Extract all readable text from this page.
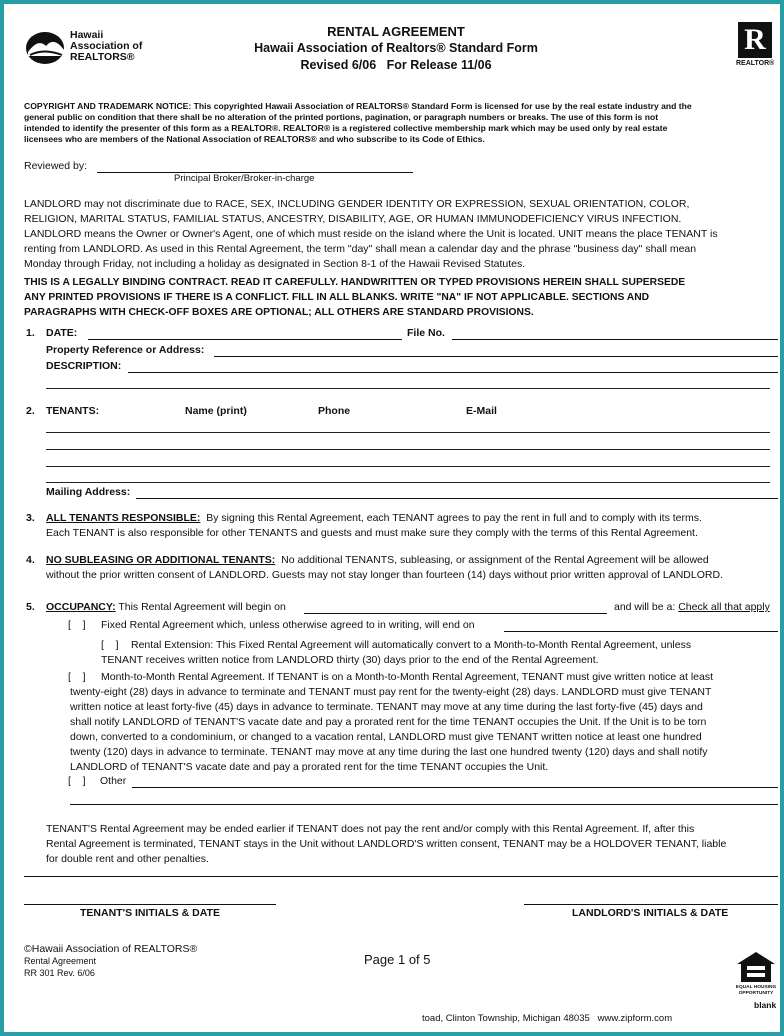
Hawaii
Association of
REALTORS®
RENTAL AGREEMENT
Hawaii Association of Realtors® Standard Form
Revised 6/06   For Release 11/06
R
REALTOR®
COPYRIGHT AND TRADEMARK NOTICE: This copyrighted Hawaii Association of REALTORS® Standard Form is licensed for use by the real estate industry and the
general public on condition that there shall be no alteration of the printed portions, pagination, or paragraph numbers or breaks. The use of this form is not
intended to identify the presenter of this form as a REALTOR®. REALTOR® is a registered collective membership mark which may be used only by real estate
licensees who are members of the National Association of REALTORS® and who subscribe to its Code of Ethics.
Reviewed by:
Principal Broker/Broker-in-charge
LANDLORD may not discriminate due to RACE, SEX, INCLUDING GENDER IDENTITY OR EXPRESSION, SEXUAL ORIENTATION, COLOR,
RELIGION, MARITAL STATUS, FAMILIAL STATUS, ANCESTRY, DISABILITY, AGE, OR HUMAN IMMUNODEFICIENCY VIRUS INFECTION.
LANDLORD means the Owner or Owner's Agent, one of which must reside on the island where the Unit is located. UNIT means the place TENANT is
renting from LANDLORD. As used in this Rental Agreement, the term "day" shall mean a calendar day and the phrase "business day" shall mean
Monday through Friday, not including a holiday as designated in Section 8-1 of the Hawaii Revised Statutes.
THIS IS A LEGALLY BINDING CONTRACT. READ IT CAREFULLY. HANDWRITTEN OR TYPED PROVISIONS HEREIN SHALL SUPERSEDE
ANY PRINTED PROVISIONS IF THERE IS A CONFLICT. FILL IN ALL BLANKS. WRITE "NA" IF NOT APPLICABLE. SECTIONS AND
PARAGRAPHS WITH CHECK-OFF BOXES ARE OPTIONAL; ALL OTHERS ARE STANDARD PROVISIONS.
1. DATE:	File No.
Property Reference or Address:
DESCRIPTION:
2. TENANTS:	Name (print)	Phone	E-Mail
Mailing Address:
3. ALL TENANTS RESPONSIBLE: By signing this Rental Agreement, each TENANT agrees to pay the rent in full and to comply with its terms.
Each TENANT is also responsible for other TENANTS and guests and must make sure they comply with the terms of this Rental Agreement.
4. NO SUBLEASING OR ADDITIONAL TENANTS: No additional TENANTS, subleasing, or assignment of the Rental Agreement will be allowed
without the prior written consent of LANDLORD. Guests may not stay longer than fourteen (14) days without prior written approval of LANDLORD.
5. OCCUPANCY: This Rental Agreement will begin on	and will be a: Check all that apply
[    ] Fixed Rental Agreement which, unless otherwise agreed to in writing, will end on
[    ]	Rental Extension: This Fixed Rental Agreement will automatically convert to a Month-to-Month Rental Agreement, unless
TENANT receives written notice from LANDLORD thirty (30) days prior to the end of the Rental Agreement.
[    ]	Month-to-Month Rental Agreement. If TENANT is on a Month-to-Month Rental Agreement, TENANT must give written notice at least
twenty-eight (28) days in advance to terminate and TENANT must pay rent for the twenty-eight (28) days. LANDLORD must give TENANT
written notice at least forty-five (45) days in advance to terminate. TENANT may move at any time during the last forty-five (45) days and
shall notify LANDLORD of TENANT'S vacate date and pay a prorated rent for the time TENANT occupies the Unit. If the Unit is to be torn
down, converted to a condominium, or changed to a vacation rental, LANDLORD must give TENANT written notice at least one hundred
twenty (120) days in advance to terminate. TENANT may move at any time during the last one hundred twenty (120) days and shall notify
LANDLORD of TENANT'S vacate date and pay a prorated rent for the time TENANT occupies the Unit.
[    ] Other
TENANT'S Rental Agreement may be ended earlier if TENANT does not pay the rent and/or comply with this Rental Agreement. If, after this
Rental Agreement is terminated, TENANT stays in the Unit without LANDLORD'S written consent, TENANT may be a HOLDOVER TENANT, liable
for double rent and other penalties.
TENANT'S INITIALS & DATE	LANDLORD'S INITIALS & DATE
©Hawaii Association of REALTORS®
Rental Agreement
RR 301 Rev. 6/06
Page 1 of 5
EQUAL HOUSING OPPORTUNITY
blank
toad, Clinton Township, Michigan 48035   www.zipform.com
